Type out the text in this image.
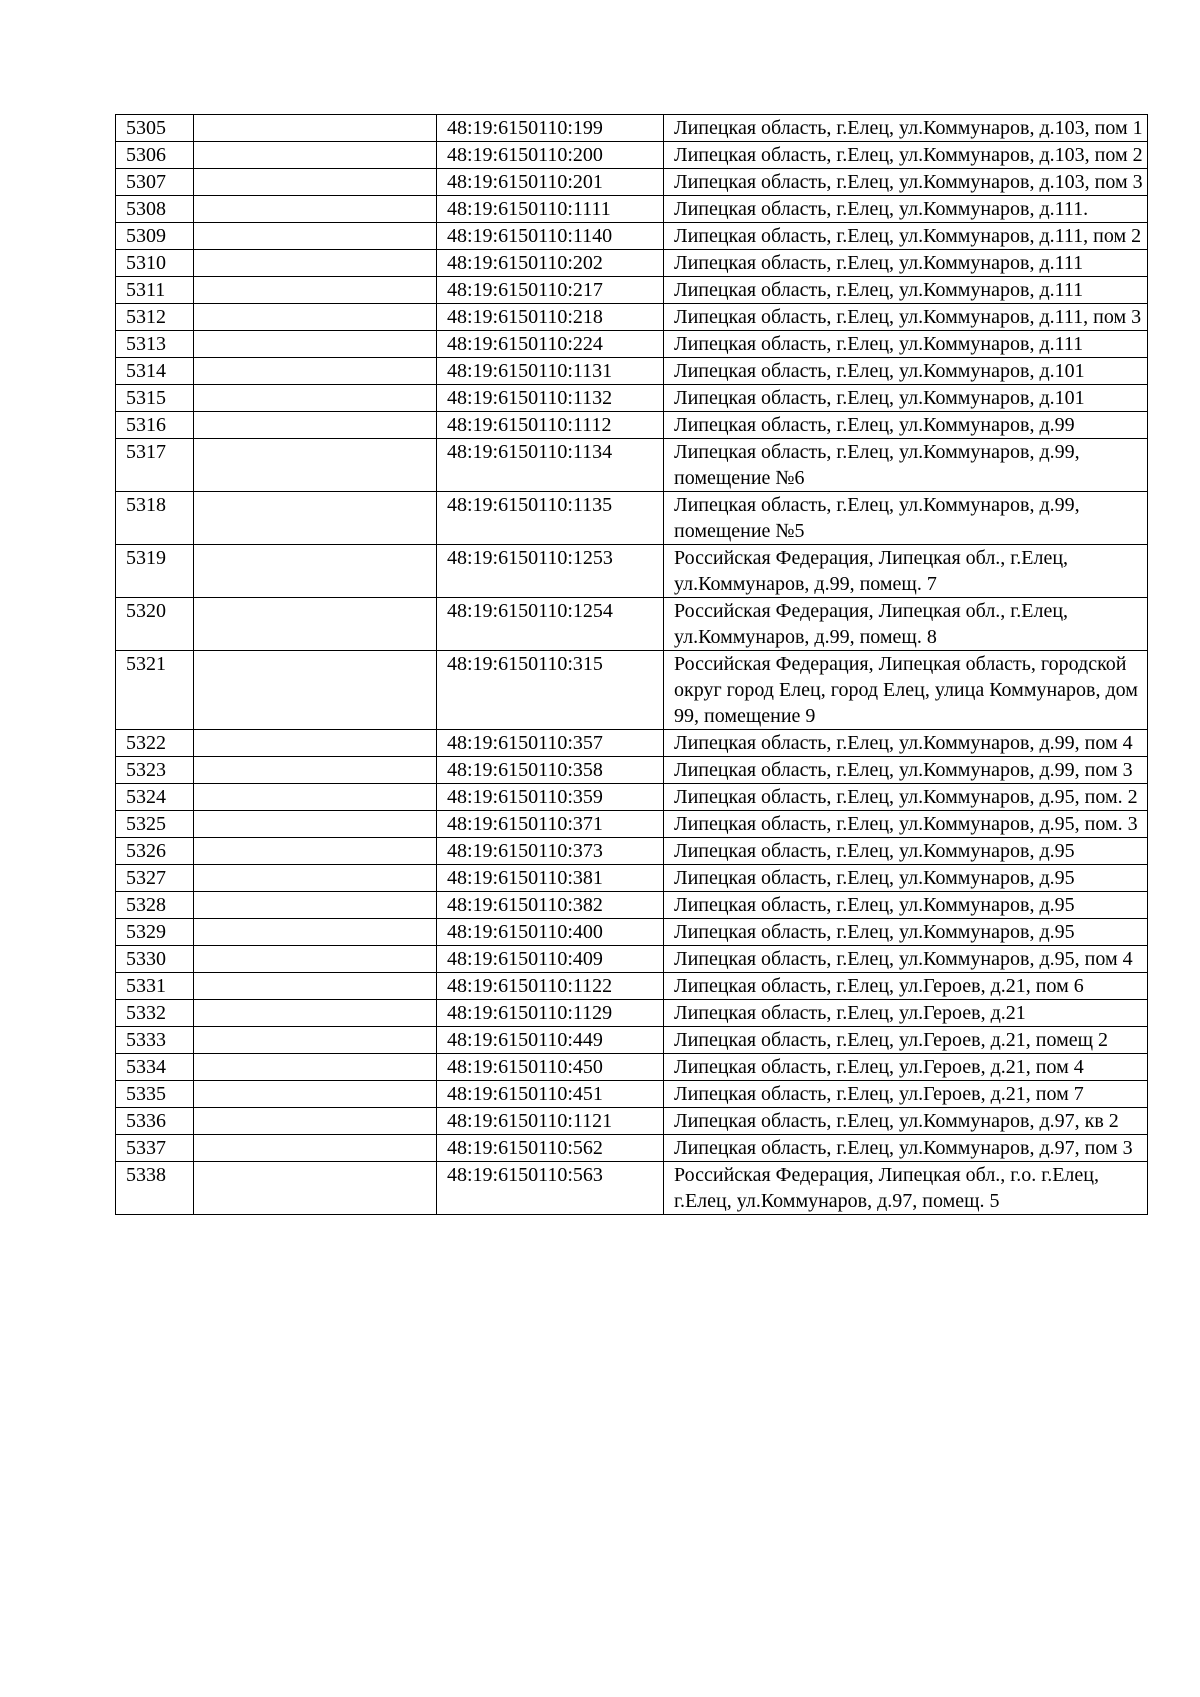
5305		48:19:6150110:199	Липецкая область, г.Елец, ул.Коммунаров, д.103, пом 1
5306		48:19:6150110:200	Липецкая область, г.Елец, ул.Коммунаров, д.103, пом 2
5307		48:19:6150110:201	Липецкая область, г.Елец, ул.Коммунаров, д.103, пом 3
5308		48:19:6150110:1111	Липецкая область, г.Елец, ул.Коммунаров, д.111.
5309		48:19:6150110:1140	Липецкая область, г.Елец, ул.Коммунаров, д.111, пом 2
5310		48:19:6150110:202	Липецкая область, г.Елец, ул.Коммунаров, д.111
5311		48:19:6150110:217	Липецкая область, г.Елец, ул.Коммунаров, д.111
5312		48:19:6150110:218	Липецкая область, г.Елец, ул.Коммунаров, д.111, пом 3
5313		48:19:6150110:224	Липецкая область, г.Елец, ул.Коммунаров, д.111
5314		48:19:6150110:1131	Липецкая область, г.Елец, ул.Коммунаров, д.101
5315		48:19:6150110:1132	Липецкая область, г.Елец, ул.Коммунаров, д.101
5316		48:19:6150110:1112	Липецкая область, г.Елец, ул.Коммунаров, д.99
5317		48:19:6150110:1134	Липецкая область, г.Елец, ул.Коммунаров, д.99, помещение №6
5318		48:19:6150110:1135	Липецкая область, г.Елец, ул.Коммунаров, д.99, помещение №5
5319		48:19:6150110:1253	Российская Федерация, Липецкая обл., г.Елец, ул.Коммунаров, д.99, помещ. 7
5320		48:19:6150110:1254	Российская Федерация, Липецкая обл., г.Елец, ул.Коммунаров, д.99, помещ. 8
5321		48:19:6150110:315	Российская Федерация, Липецкая область, городской округ город Елец, город Елец, улица Коммунаров, дом 99, помещение 9
5322		48:19:6150110:357	Липецкая область, г.Елец, ул.Коммунаров, д.99, пом 4
5323		48:19:6150110:358	Липецкая область, г.Елец, ул.Коммунаров, д.99, пом 3
5324		48:19:6150110:359	Липецкая область, г.Елец, ул.Коммунаров, д.95, пом. 2
5325		48:19:6150110:371	Липецкая область, г.Елец, ул.Коммунаров, д.95, пом. 3
5326		48:19:6150110:373	Липецкая область, г.Елец, ул.Коммунаров, д.95
5327		48:19:6150110:381	Липецкая область, г.Елец, ул.Коммунаров, д.95
5328		48:19:6150110:382	Липецкая область, г.Елец, ул.Коммунаров, д.95
5329		48:19:6150110:400	Липецкая область, г.Елец, ул.Коммунаров, д.95
5330		48:19:6150110:409	Липецкая область, г.Елец, ул.Коммунаров, д.95, пом 4
5331		48:19:6150110:1122	Липецкая область, г.Елец, ул.Героев, д.21, пом 6
5332		48:19:6150110:1129	Липецкая область, г.Елец, ул.Героев, д.21
5333		48:19:6150110:449	Липецкая область, г.Елец, ул.Героев, д.21, помещ 2
5334		48:19:6150110:450	Липецкая область, г.Елец, ул.Героев, д.21, пом 4
5335		48:19:6150110:451	Липецкая область, г.Елец, ул.Героев, д.21, пом 7
5336		48:19:6150110:1121	Липецкая область, г.Елец, ул.Коммунаров, д.97, кв 2
5337		48:19:6150110:562	Липецкая область, г.Елец, ул.Коммунаров, д.97, пом 3
5338		48:19:6150110:563	Российская Федерация, Липецкая обл., г.о. г.Елец, г.Елец, ул.Коммунаров, д.97, помещ. 5
